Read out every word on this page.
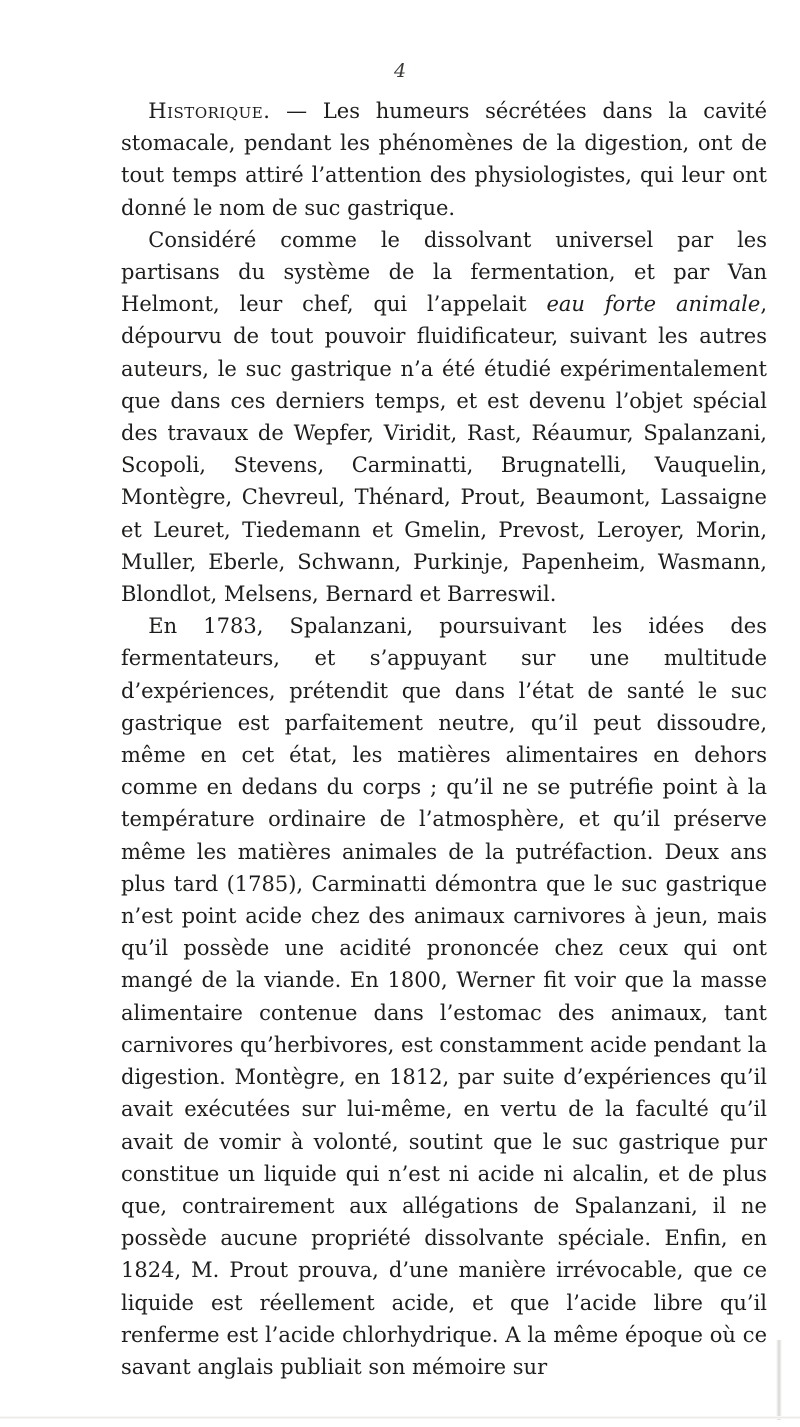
4

Historique. — Les humeurs sécrétées dans la cavité stomacale, pendant les phénomènes de la digestion, ont de tout temps attiré l’attention des physiologistes, qui leur ont donné le nom de suc gastrique.

Considéré comme le dissolvant universel par les partisans du système de la fermentation, et par Van Helmont, leur chef, qui l’appelait eau forte animale, dépourvu de tout pouvoir fluidificateur, suivant les autres auteurs, le suc gastrique n’a été étudié expérimentalement que dans ces derniers temps, et est devenu l’objet spécial des travaux de Wepfer, Viridit, Rast, Réaumur, Spalanzani, Scopoli, Stevens, Carminatti, Brugnatelli, Vauquelin, Montègre, Chevreul, Thénard, Prout, Beaumont, Lassaigne et Leuret, Tiedemann et Gmelin, Prevost, Leroyer, Morin, Muller, Eberle, Schwann, Purkinje, Papenheim, Wasmann, Blondlot, Melsens, Bernard et Barreswil.

En 1783, Spalanzani, poursuivant les idées des fermentateurs, et s’appuyant sur une multitude d’expériences, prétendit que dans l’état de santé le suc gastrique est parfaitement neutre, qu’il peut dissoudre, même en cet état, les matières alimentaires en dehors comme en dedans du corps ; qu’il ne se putréfie point à la température ordinaire de l’atmosphère, et qu’il préserve même les matières animales de la putréfaction. Deux ans plus tard (1785), Carminatti démontra que le suc gastrique n’est point acide chez des animaux carnivores à jeun, mais qu’il possède une acidité prononcée chez ceux qui ont mangé de la viande. En 1800, Werner fit voir que la masse alimentaire contenue dans l’estomac des animaux, tant carnivores qu’herbivores, est constamment acide pendant la digestion. Montègre, en 1812, par suite d’expériences qu’il avait exécutées sur lui-même, en vertu de la faculté qu’il avait de vomir à volonté, soutint que le suc gastrique pur constitue un liquide qui n’est ni acide ni alcalin, et de plus que, contrairement aux allégations de Spalanzani, il ne possède aucune propriété dissolvante spéciale. Enfin, en 1824, M. Prout prouva, d’une manière irrévocable, que ce liquide est réellement acide, et que l’acide libre qu’il renferme est l’acide chlorhydrique. A la même époque où ce savant anglais publiait son mémoire sur
